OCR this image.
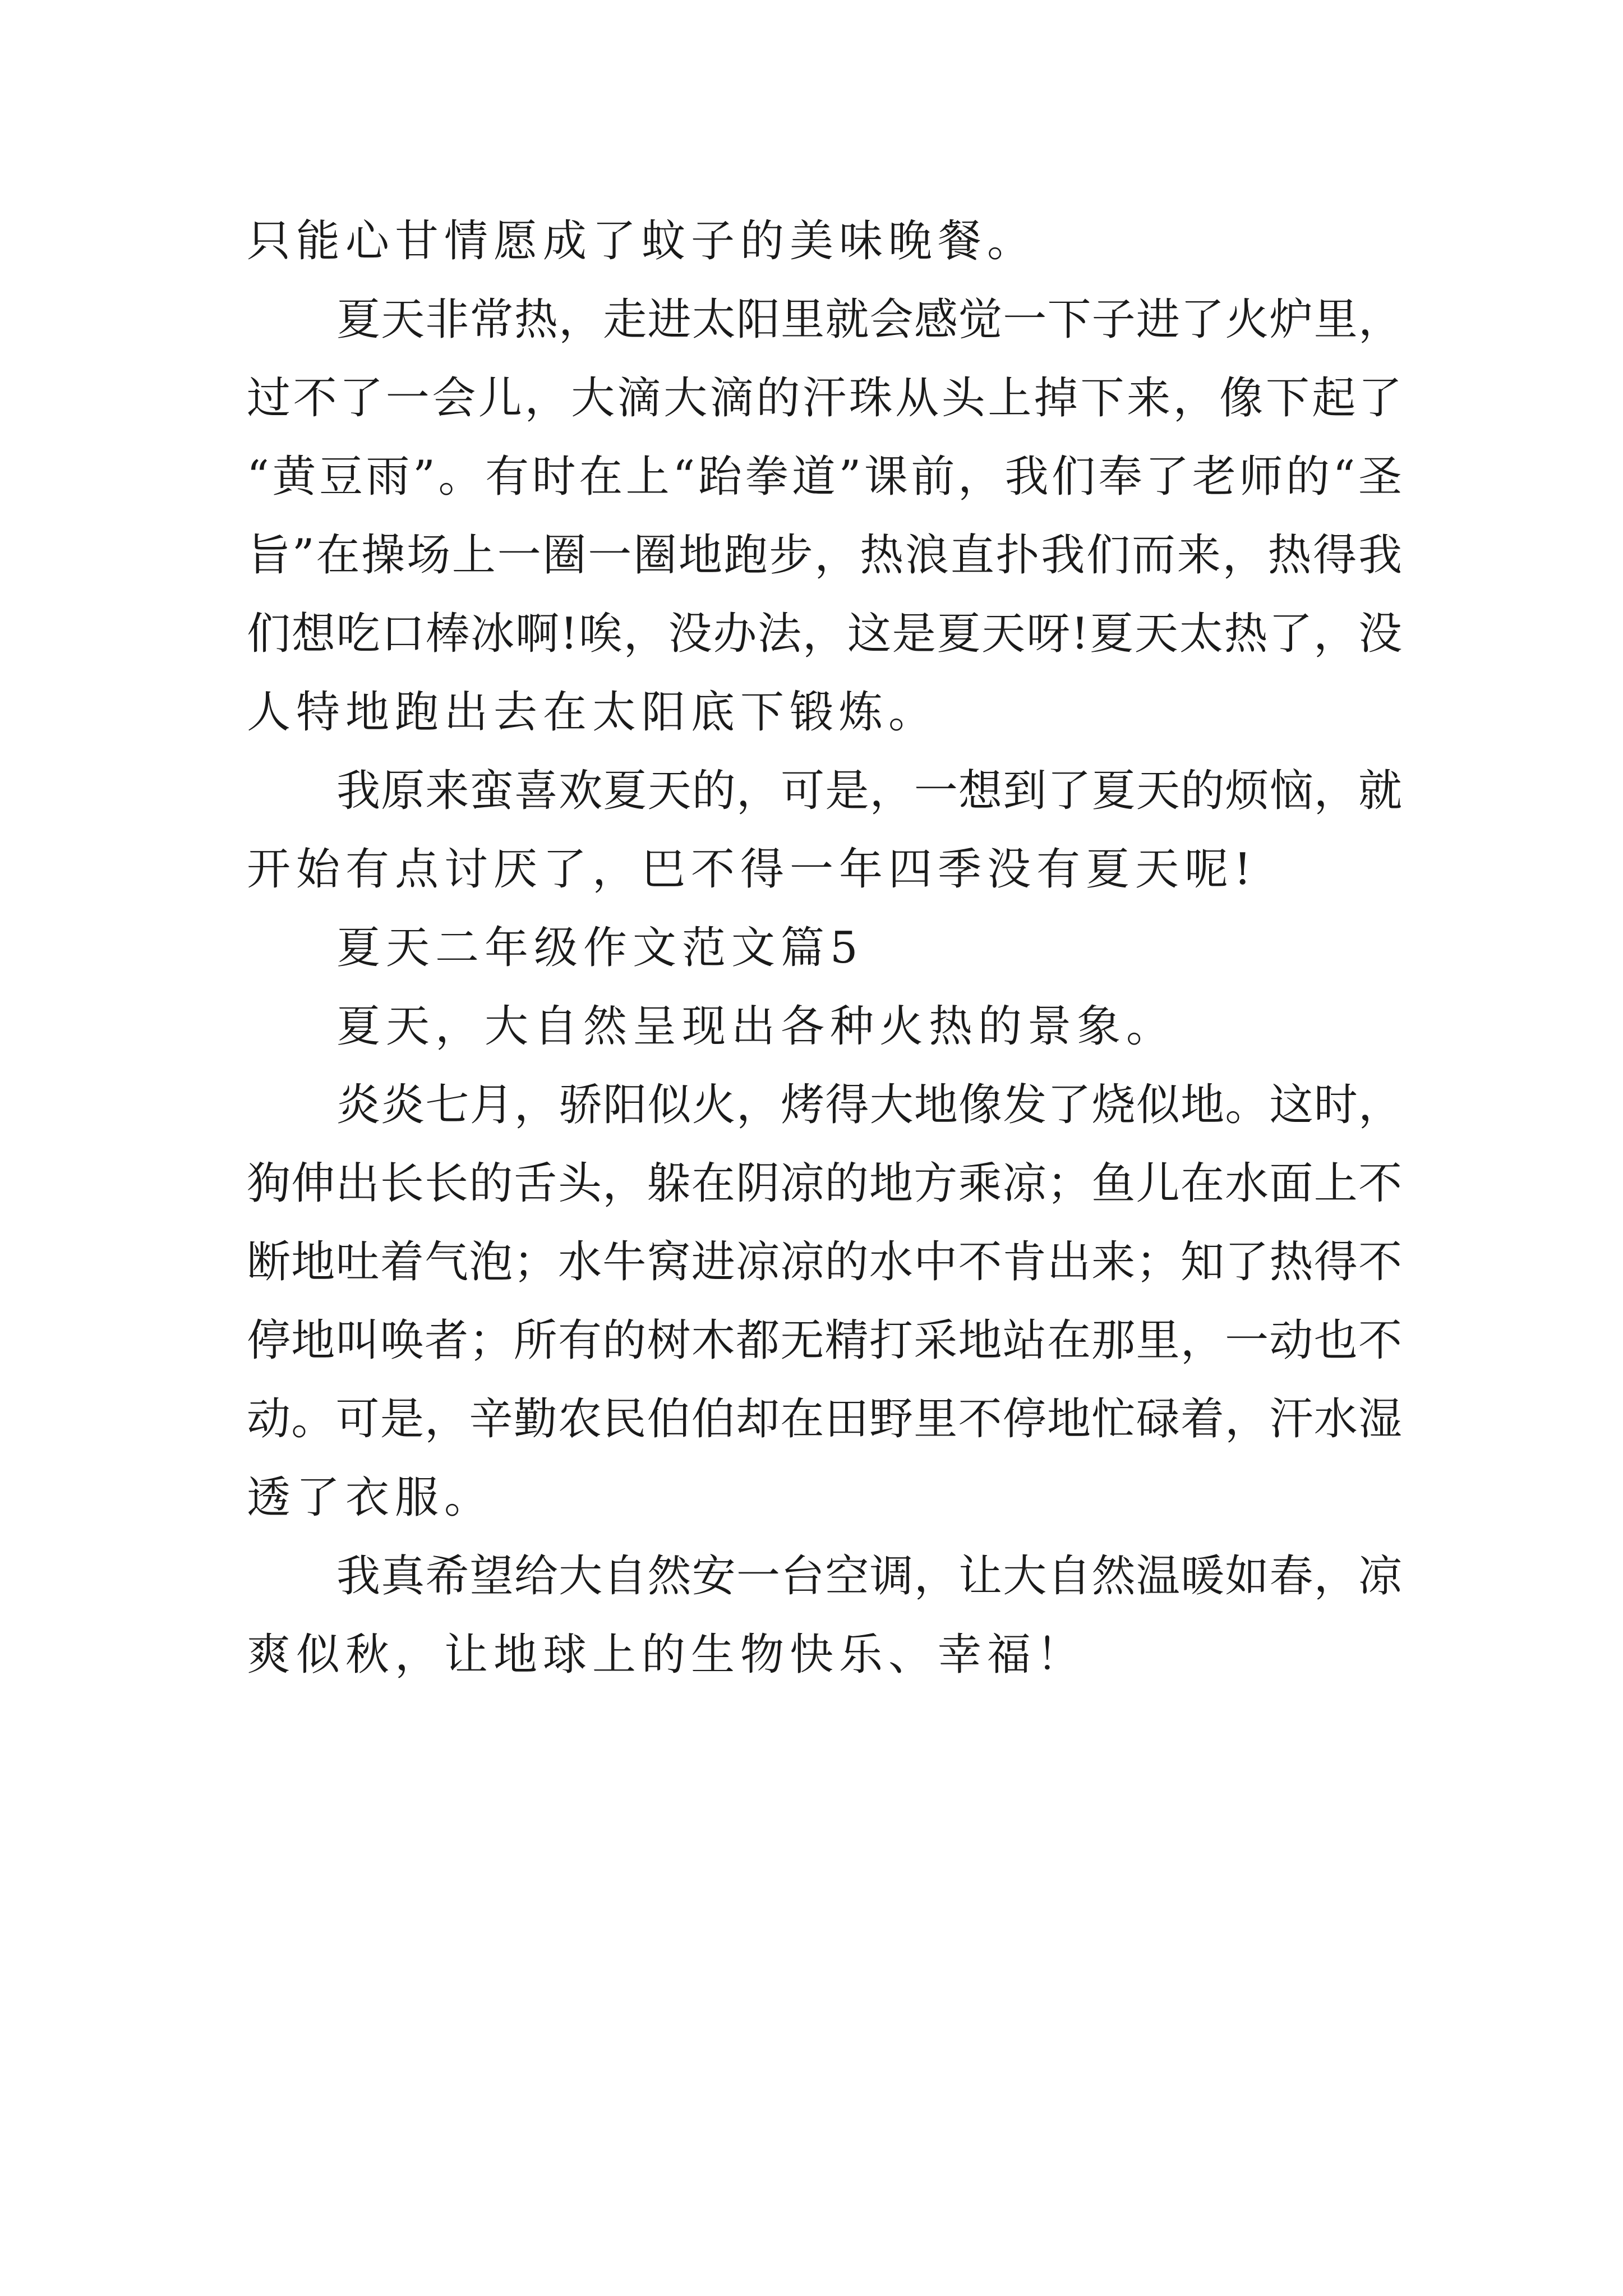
只能心甘情愿成了蚊子的美味晚餐。
夏天非常热，走进太阳里就会感觉一下子进了火炉里，
过不了一会儿，大滴大滴的汗珠从头上掉下来，像下起了
“黄豆雨”。有时在上“跆拳道”课前，我们奉了老师的“圣
旨”在操场上一圈一圈地跑步，热浪直扑我们而来，热得我
们想吃口棒冰啊!唉，没办法，这是夏天呀!夏天太热了，没
人特地跑出去在太阳底下锻炼。
我原来蛮喜欢夏天的，可是，一想到了夏天的烦恼，就
开始有点讨厌了，巴不得一年四季没有夏天呢!
夏天二年级作文范文篇5
夏天，大自然呈现出各种火热的景象。
炎炎七月，骄阳似火，烤得大地像发了烧似地。这时，
狗伸出长长的舌头，躲在阴凉的地方乘凉；鱼儿在水面上不
断地吐着气泡；水牛窝进凉凉的水中不肯出来；知了热得不
停地叫唤者；所有的树木都无精打采地站在那里，一动也不
动。可是，辛勤农民伯伯却在田野里不停地忙碌着，汗水湿
透了衣服。
我真希望给大自然安一台空调，让大自然温暖如春，凉
爽似秋，让地球上的生物快乐、幸福！
